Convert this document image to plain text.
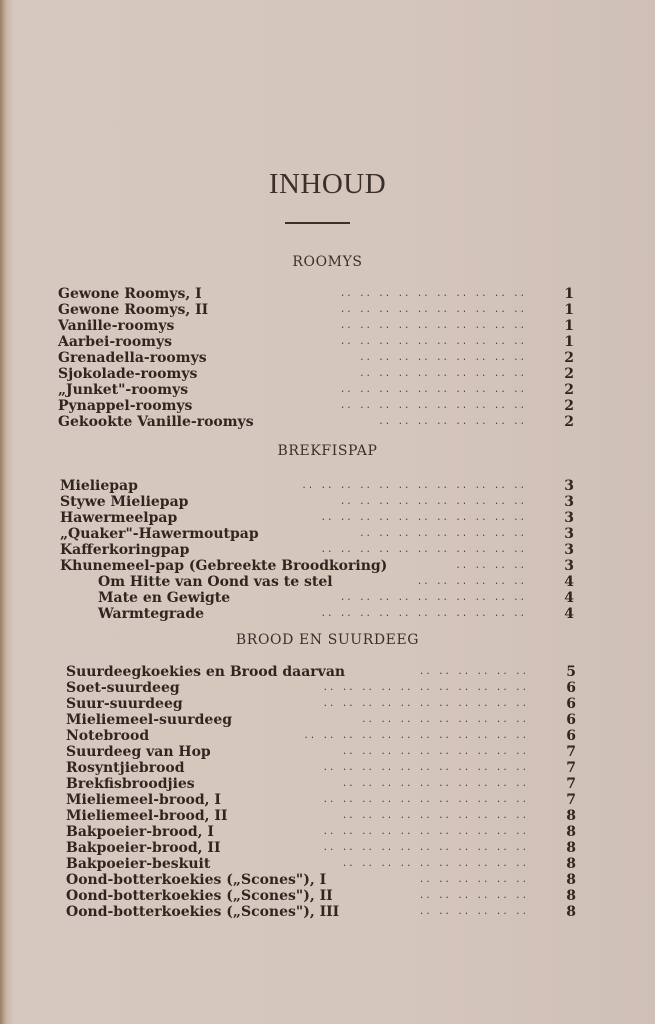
INHOUD
ROOMYS
Gewone Roomys, I	.. .. .. .. .. .. .. .. .. ..	1
Gewone Roomys, II	.. .. .. .. .. .. .. .. .. ..	1
Vanille-roomys	.. .. .. .. .. .. .. .. .. ..	1
Aarbei-roomys	.. .. .. .. .. .. .. .. .. ..	1
Grenadella-roomys	.. .. .. .. .. .. .. .. ..	2
Sjokolade-roomys	.. .. .. .. .. .. .. .. ..	2
„Junket"-roomys	.. .. .. .. .. .. .. .. .. ..	2
Pynappel-roomys	.. .. .. .. .. .. .. .. .. ..	2
Gekookte Vanille-roomys	.. .. .. .. .. .. .. ..	2
BREKFISPAP
Mieliepap	.. .. .. .. .. .. .. .. .. .. .. ..	3
Stywe Mieliepap	.. .. .. .. .. .. .. .. .. ..	3
Hawermeelpap	.. .. .. .. .. .. .. .. .. .. ..	3
„Quaker"-Hawermoutpap	.. .. .. .. .. .. .. .. ..	3
Kafferkoringpap	.. .. .. .. .. .. .. .. .. .. ..	3
Khunemeel-pap (Gebreekte Broodkoring)	.. .. .. ..	3
Om Hitte van Oond vas te stel	.. .. .. .. .. ..	4
Mate en Gewigte	.. .. .. .. .. .. .. .. .. ..	4
Warmtegrade	.. .. .. .. .. .. .. .. .. .. ..	4
BROOD EN SUURDEEG
Suurdeegkoekies en Brood daarvan	.. .. .. .. .. ..	5
Soet-suurdeeg	.. .. .. .. .. .. .. .. .. .. ..	6
Suur-suurdeeg	.. .. .. .. .. .. .. .. .. .. ..	6
Mieliemeel-suurdeeg	.. .. .. .. .. .. .. .. ..	6
Notebrood	.. .. .. .. .. .. .. .. .. .. .. ..	6
Suurdeeg van Hop	.. .. .. .. .. .. .. .. .. ..	7
Rosyntjiebrood	.. .. .. .. .. .. .. .. .. .. ..	7
Brekfisbroodjies	.. .. .. .. .. .. .. .. .. ..	7
Mieliemeel-brood, I	.. .. .. .. .. .. .. .. .. .. ..	7
Mieliemeel-brood, II	.. .. .. .. .. .. .. .. .. ..	8
Bakpoeier-brood, I	.. .. .. .. .. .. .. .. .. .. ..	8
Bakpoeier-brood, II	.. .. .. .. .. .. .. .. .. .. ..	8
Bakpoeier-beskuit	.. .. .. .. .. .. .. .. .. ..	8
Oond-botterkoekies („Scones"), I	.. .. .. .. .. ..	8
Oond-botterkoekies („Scones"), II	.. .. .. .. .. ..	8
Oond-botterkoekies („Scones"), III	.. .. .. .. .. ..	8
